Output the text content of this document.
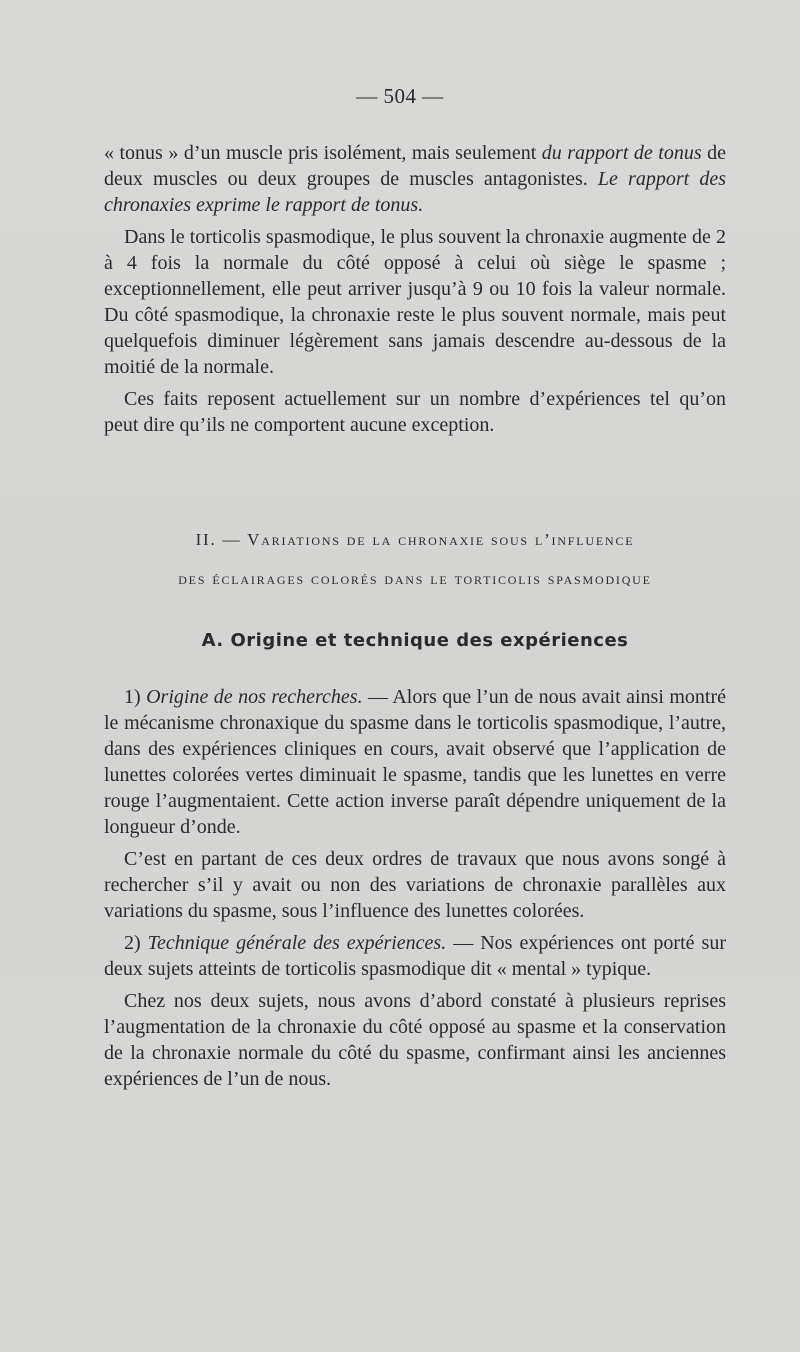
— 504 —

« tonus » d’un muscle pris isolément, mais seulement du rapport de tonus de deux muscles ou deux groupes de muscles antagonistes. Le rapport des chronaxies exprime le rapport de tonus.

Dans le torticolis spasmodique, le plus souvent la chronaxie augmente de 2 à 4 fois la normale du côté opposé à celui où siège le spasme ; exceptionnellement, elle peut arriver jusqu’à 9 ou 10 fois la valeur normale. Du côté spasmodique, la chronaxie reste le plus souvent normale, mais peut quelquefois diminuer légèrement sans jamais descendre au-dessous de la moitié de la normale.

Ces faits reposent actuellement sur un nombre d’expériences tel qu’on peut dire qu’ils ne comportent aucune exception.

II. — Variations de la chronaxie sous l’influence
des éclairages colorés dans le torticolis spasmodique
A. Origine et technique des expériences

1) Origine de nos recherches. — Alors que l’un de nous avait ainsi montré le mécanisme chronaxique du spasme dans le torticolis spasmodique, l’autre, dans des expériences cliniques en cours, avait observé que l’application de lunettes colorées vertes diminuait le spasme, tandis que les lunettes en verre rouge l’augmentaient. Cette action inverse paraît dépendre uniquement de la longueur d’onde.

C’est en partant de ces deux ordres de travaux que nous avons songé à rechercher s’il y avait ou non des variations de chronaxie parallèles aux variations du spasme, sous l’influence des lunettes colorées.

2) Technique générale des expériences. — Nos expériences ont porté sur deux sujets atteints de torticolis spasmodique dit « mental » typique.

Chez nos deux sujets, nous avons d’abord constaté à plusieurs reprises l’augmentation de la chronaxie du côté opposé au spasme et la conservation de la chronaxie normale du côté du spasme, confirmant ainsi les anciennes expériences de l’un de nous.
